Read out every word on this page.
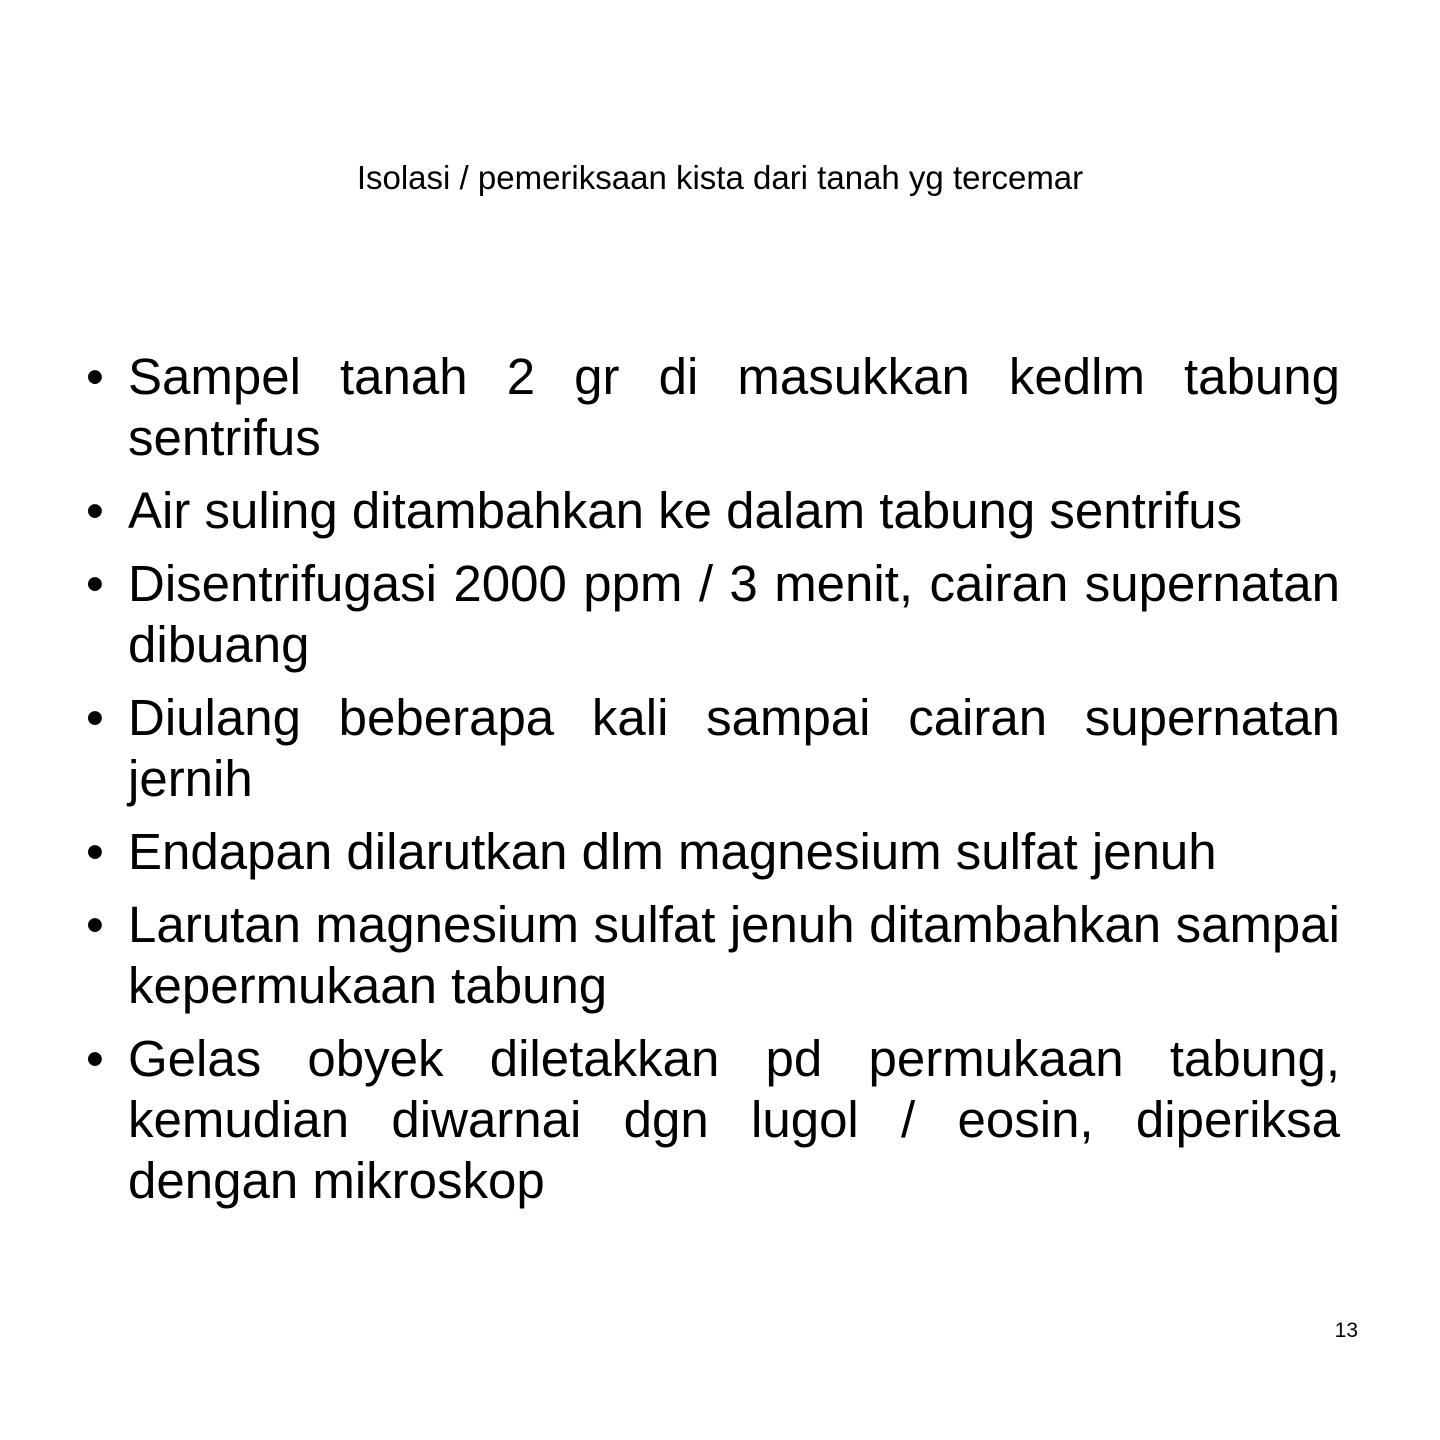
Isolasi / pemeriksaan kista dari tanah yg tercemar
• Sampel tanah 2 gr di masukkan kedlm tabung sentrifus
• Air suling ditambahkan ke dalam tabung sentrifus
• Disentrifugasi 2000 ppm / 3 menit, cairan supernatan dibuang
• Diulang beberapa kali sampai cairan supernatan jernih
• Endapan dilarutkan dlm magnesium sulfat jenuh
• Larutan magnesium sulfat jenuh ditambahkan sampai kepermukaan tabung
• Gelas obyek diletakkan pd permukaan tabung, kemudian diwarnai dgn lugol / eosin, diperiksa dengan mikroskop
13
